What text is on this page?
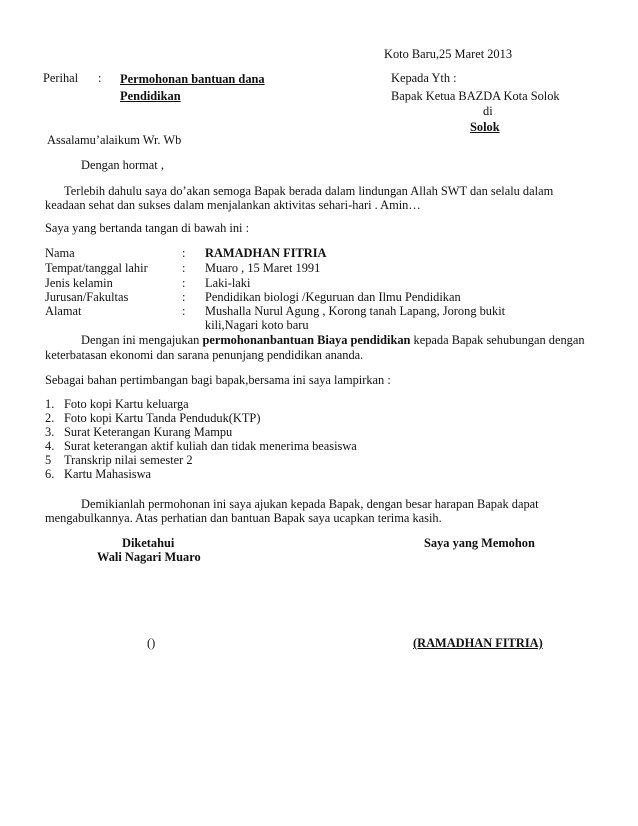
Koto Baru,25 Maret 2013
Perihal : Permohonan bantuan dana
Pendidikan
Kepada Yth :
Bapak Ketua BAZDA Kota Solok
di
Solok
Assalamu’alaikum Wr. Wb
Dengan hormat ,
Terlebih dahulu saya do’akan semoga Bapak berada dalam lindungan Allah SWT dan selalu dalam
keadaan sehat dan sukses dalam menjalankan aktivitas sehari-hari . Amin…
Saya yang bertanda tangan di bawah ini :
Nama	: RAMADHAN FITRIA
Tempat/tanggal lahir	: Muaro , 15 Maret 1991
Jenis kelamin	: Laki-laki
Jurusan/Fakultas	: Pendidikan biologi /Keguruan dan Ilmu Pendidikan
Alamat	: Mushalla Nurul Agung , Korong tanah Lapang, Jorong bukit
kili,Nagari koto baru
Dengan ini mengajukan permohonanbantuan Biaya pendidikan kepada Bapak sehubungan dengan
keterbatasan ekonomi dan sarana penunjang pendidikan ananda.
Sebagai bahan pertimbangan bagi bapak,bersama ini saya lampirkan :
1. Foto kopi Kartu keluarga
2. Foto kopi Kartu Tanda Penduduk(KTP)
3. Surat Keterangan Kurang Mampu
4. Surat keterangan aktif kuliah dan tidak menerima beasiswa
5 Transkrip nilai semester 2
6. Kartu Mahasiswa
Demikianlah permohonan ini saya ajukan kepada Bapak, dengan besar harapan Bapak dapat
mengabulkannya. Atas perhatian dan bantuan Bapak saya ucapkan terima kasih.
Diketahui
Wali Nagari Muaro
Saya yang Memohon
()	(RAMADHAN FITRIA)
